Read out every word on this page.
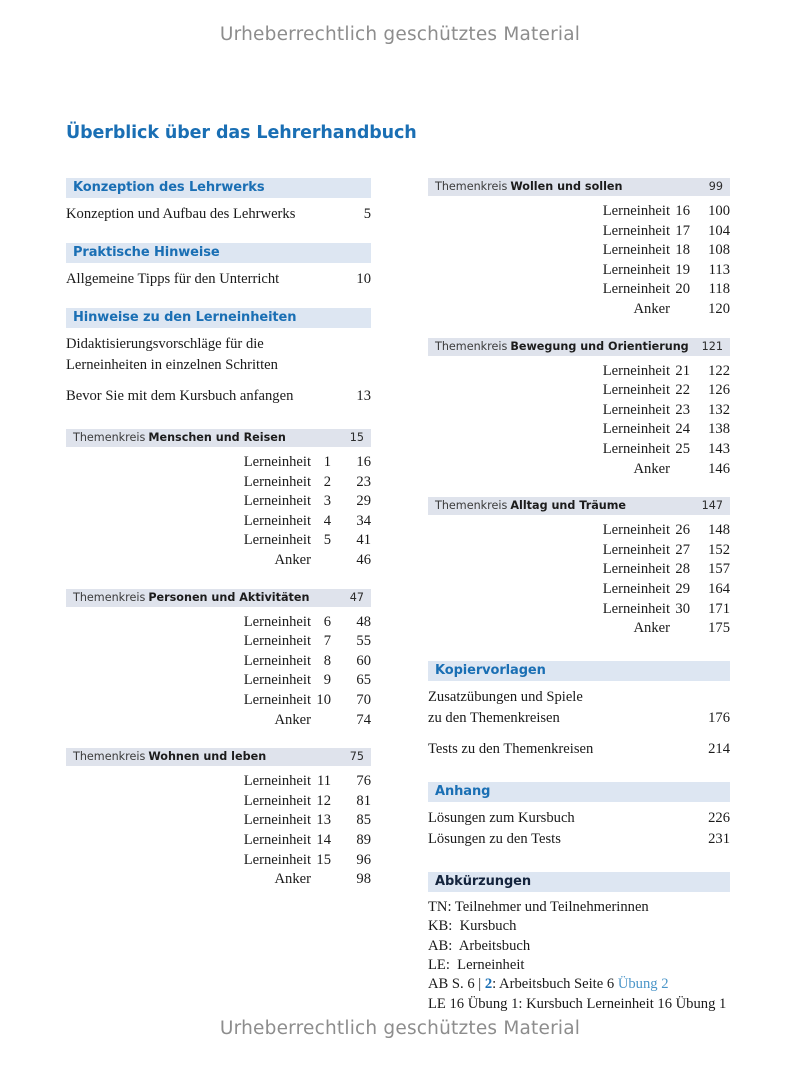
Urheberrechtlich geschütztes Material
Überblick über das Lehrerhandbuch
Konzeption des Lehrwerks
Konzeption und Aufbau des Lehrwerks	5
Praktische Hinweise
Allgemeine Tipps für den Unterricht	10
Hinweise zu den Lerneinheiten
Didaktisierungsvorschläge für die
Lerneinheiten in einzelnen Schritten
Bevor Sie mit dem Kursbuch anfangen	13
Themenkreis Menschen und Reisen	15
Lerneinheit 1	16
Lerneinheit 2	23
Lerneinheit 3	29
Lerneinheit 4	34
Lerneinheit 5	41
Anker	46
Themenkreis Personen und Aktivitäten	47
Lerneinheit 6	48
Lerneinheit 7	55
Lerneinheit 8	60
Lerneinheit 9	65
Lerneinheit 10	70
Anker	74
Themenkreis Wohnen und leben	75
Lerneinheit 11	76
Lerneinheit 12	81
Lerneinheit 13	85
Lerneinheit 14	89
Lerneinheit 15	96
Anker	98
Themenkreis Wollen und sollen	99
Lerneinheit 16	100
Lerneinheit 17	104
Lerneinheit 18	108
Lerneinheit 19	113
Lerneinheit 20	118
Anker	120
Themenkreis Bewegung und Orientierung 121
Lerneinheit 21	122
Lerneinheit 22	126
Lerneinheit 23	132
Lerneinheit 24	138
Lerneinheit 25	143
Anker	146
Themenkreis Alltag und Träume	147
Lerneinheit 26	148
Lerneinheit 27	152
Lerneinheit 28	157
Lerneinheit 29	164
Lerneinheit 30	171
Anker	175
Kopiervorlagen
Zusatzübungen und Spiele
zu den Themenkreisen	176
Tests zu den Themenkreisen	214
Anhang
Lösungen zum Kursbuch	226
Lösungen zu den Tests	231
Abkürzungen
TN: Teilnehmer und Teilnehmerinnen
KB:  Kursbuch
AB:  Arbeitsbuch
LE:  Lerneinheit
AB S. 6 | 2: Arbeitsbuch Seite 6 Übung 2
LE 16 Übung 1: Kursbuch Lerneinheit 16 Übung 1
Urheberrechtlich geschütztes Material
